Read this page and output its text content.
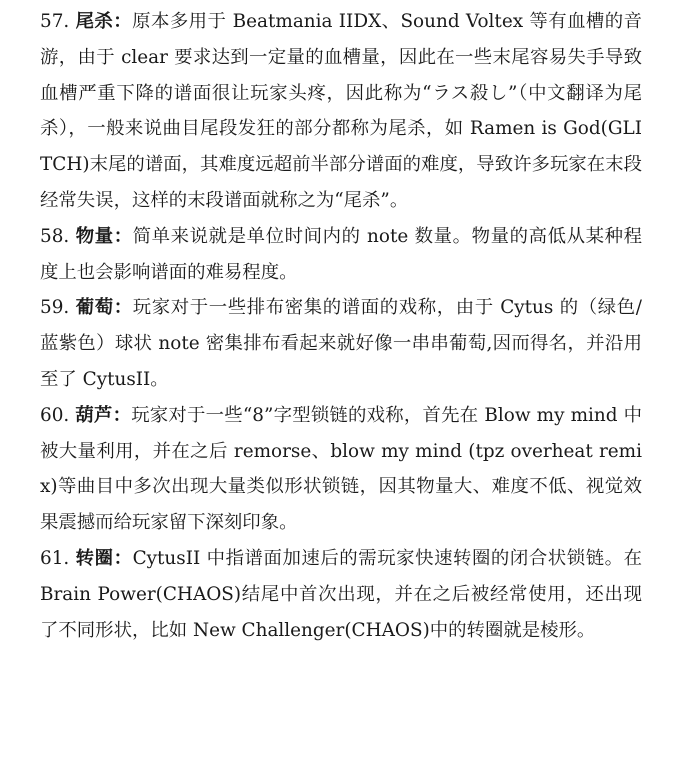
57. 尾杀：原本多用于 Beatmania IIDX、Sound Voltex 等有血槽的音游，由于 clear 要求达到一定量的血槽量，因此在一些末尾容易失手导致血槽严重下降的谱面很让玩家头疼，因此称为“ラス殺し”（中文翻译为尾杀），一般来说曲目尾段发狂的部分都称为尾杀，如 Ramen is God(GLITCH)末尾的谱面，其难度远超前半部分谱面的难度，导致许多玩家在末段经常失误，这样的末段谱面就称之为“尾杀”。

58. 物量：简单来说就是单位时间内的 note 数量。物量的高低从某种程度上也会影响谱面的难易程度。

59. 葡萄：玩家对于一些排布密集的谱面的戏称，由于 Cytus 的（绿色/蓝紫色）球状 note 密集排布看起来就好像一串串葡萄,因而得名，并沿用至了 CytusII。

60. 葫芦：玩家对于一些“8”字型锁链的戏称，首先在 Blow my mind 中被大量利用，并在之后 remorse、blow my mind (tpz overheat remix)等曲目中多次出现大量类似形状锁链，因其物量大、难度不低、视觉效果震撼而给玩家留下深刻印象。

61. 转圈：CytusII 中指谱面加速后的需玩家快速转圈的闭合状锁链。在 Brain Power(CHAOS)结尾中首次出现，并在之后被经常使用，还出现了不同形状，比如 New Challenger(CHAOS)中的转圈就是棱形。
